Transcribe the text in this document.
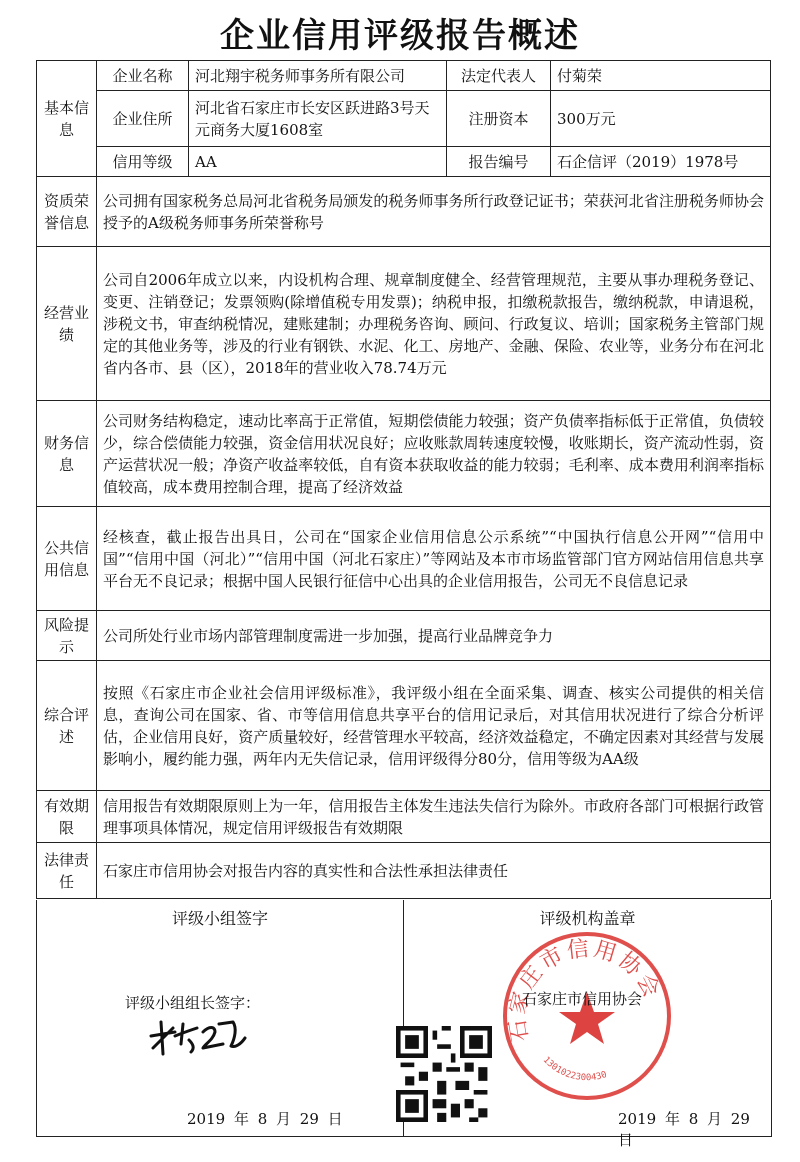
企业信用评级报告概述
基本信息	企业名称	河北翔宇税务师事务所有限公司	法定代表人	付菊荣
	企业住所	河北省石家庄市长安区跃进路3号天元商务大厦1608室	注册资本	300万元
	信用等级	AA	报告编号	石企信评（2019）1978号
资质荣誉信息	公司拥有国家税务总局河北省税务局颁发的税务师事务所行政登记证书；荣获河北省注册税务师协会授予的A级税务师事务所荣誉称号			
经营业绩	公司自2006年成立以来，内设机构合理、规章制度健全、经营管理规范，主要从事办理税务登记、变更、注销登记；发票领购(除增值税专用发票)；纳税申报，扣缴税款报告，缴纳税款，申请退税，涉税文书，审查纳税情况，建账建制；办理税务咨询、顾问、行政复议、培训；国家税务主管部门规定的其他业务等，涉及的行业有钢铁、水泥、化工、房地产、金融、保险、农业等，业务分布在河北省内各市、县（区），2018年的营业收入78.74万元			
财务信息	公司财务结构稳定，速动比率高于正常值，短期偿债能力较强；资产负债率指标低于正常值，负债较少，综合偿债能力较强，资金信用状况良好；应收账款周转速度较慢，收账期长，资产流动性弱，资产运营状况一般；净资产收益率较低，自有资本获取收益的能力较弱；毛利率、成本费用利润率指标值较高，成本费用控制合理，提高了经济效益			
公共信用信息	经核查，截止报告出具日，公司在“国家企业信用信息公示系统”“中国执行信息公开网”“信用中国”“信用中国（河北）”“信用中国（河北石家庄）”等网站及本市市场监管部门官方网站信用信息共享平台无不良记录；根据中国人民银行征信中心出具的企业信用报告，公司无不良信息记录			
风险提示	公司所处行业市场内部管理制度需进一步加强，提高行业品牌竞争力			
综合评述	按照《石家庄市企业社会信用评级标准》，我评级小组在全面采集、调查、核实公司提供的相关信息，查询公司在国家、省、市等信用信息共享平台的信用记录后，对其信用状况进行了综合分析评估，企业信用良好，资产质量较好，经营管理水平较高，经济效益稳定，不确定因素对其经营与发展影响小，履约能力强，两年内无失信记录，信用评级得分80分，信用等级为AA级			
有效期限	信用报告有效期限原则上为一年，信用报告主体发生违法失信行为除外。市政府各部门可根据行政管理事项具体情况，规定信用评级报告有效期限			
法律责任	石家庄市信用协会对报告内容的真实性和合法性承担法律责任			
评级小组签字
评级小组组长签字：
2019 年 8 月 29 日
评级机构盖章
石家庄市信用协会
1301022300430
石家庄市信用协会
2019 年 8 月 29 日
